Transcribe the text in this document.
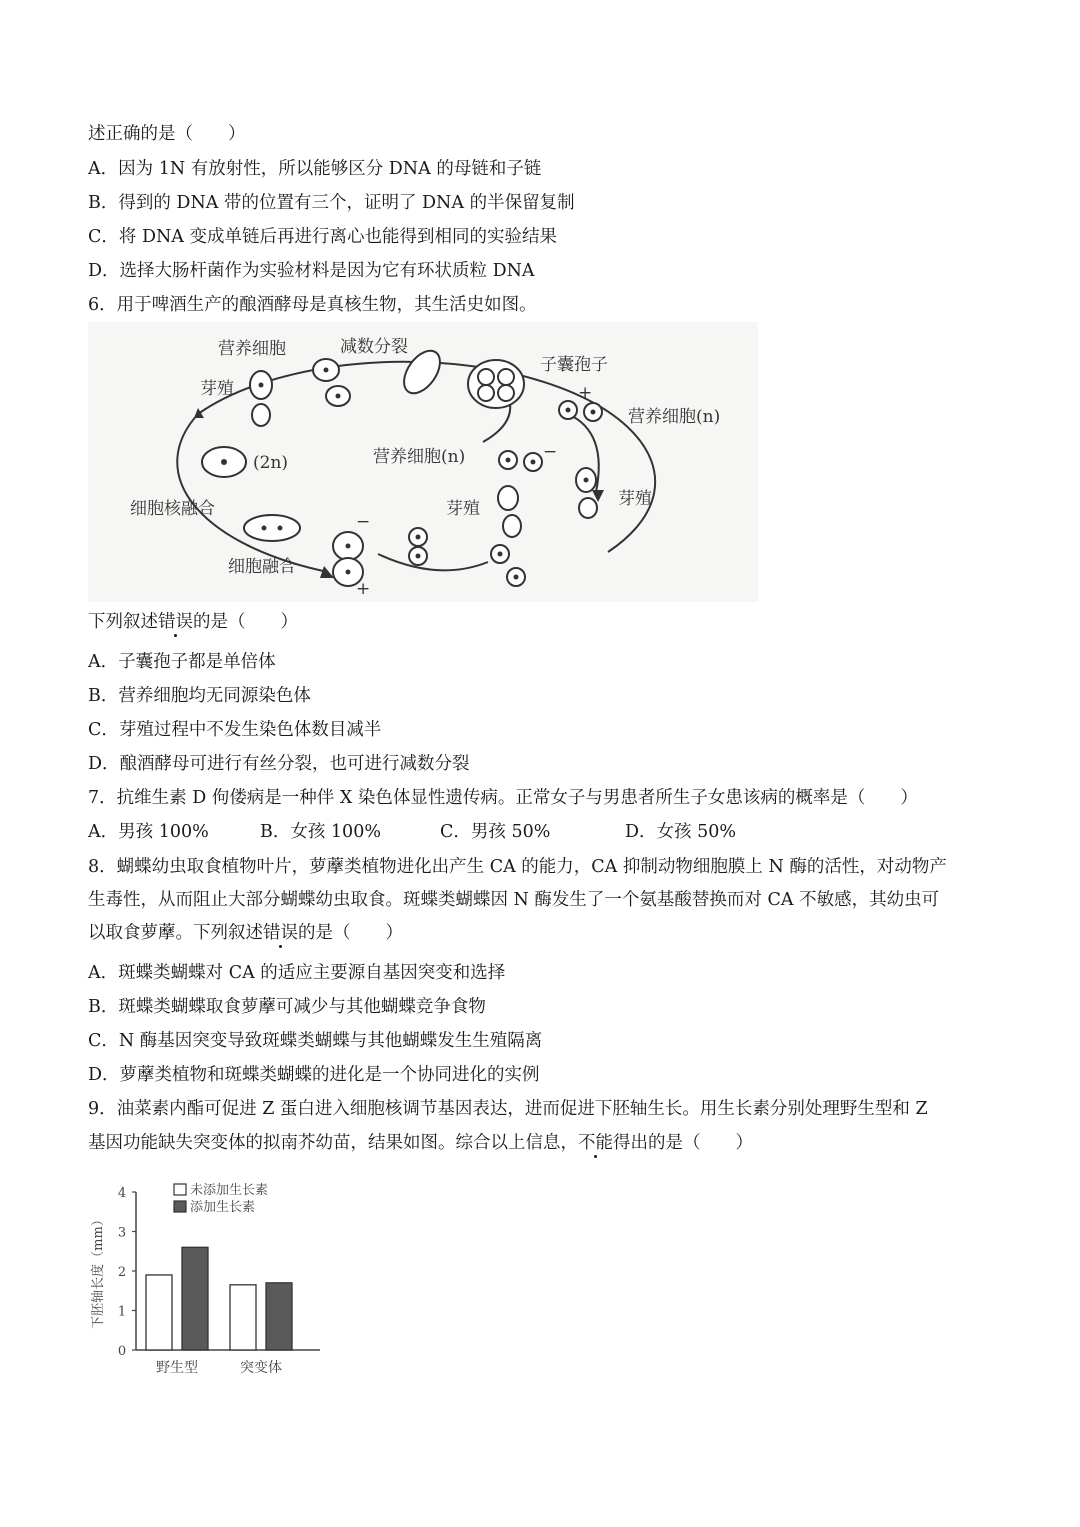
述正确的是（　　）
A．因为 1N 有放射性，所以能够区分 DNA 的母链和子链
B．得到的 DNA 带的位置有三个，证明了 DNA 的半保留复制
C．将 DNA 变成单链后再进行离心也能得到相同的实验结果
D．选择大肠杆菌作为实验材料是因为它有环状质粒 DNA
6．用于啤酒生产的酿酒酵母是真核生物，其生活史如图。
营养细胞	减数分裂
子囊孢子
营养细胞(n)
芽殖
(2n)	营养细胞(n)
芽殖	芽殖
细胞核融合
细胞融合
+
−
−
+
下列叙述错误的是（　　）
A．子囊孢子都是单倍体
B．营养细胞均无同源染色体
C．芽殖过程中不发生染色体数目减半
D．酿酒酵母可进行有丝分裂，也可进行减数分裂
7．抗维生素 D 佝偻病是一种伴 X 染色体显性遗传病。正常女子与男患者所生子女患该病的概率是（　　）
A．男孩 100%	B．女孩 100%	C．男孩 50%	D．女孩 50%
8．蝴蝶幼虫取食植物叶片，萝藦类植物进化出产生 CA 的能力，CA 抑制动物细胞膜上 N 酶的活性，对动物产
生毒性，从而阻止大部分蝴蝶幼虫取食。斑蝶类蝴蝶因 N 酶发生了一个氨基酸替换而对 CA 不敏感，其幼虫可
以取食萝藦。下列叙述错误的是（　　）
A．斑蝶类蝴蝶对 CA 的适应主要源自基因突变和选择
B．斑蝶类蝴蝶取食萝藦可减少与其他蝴蝶竞争食物
C．N 酶基因突变导致斑蝶类蝴蝶与其他蝴蝶发生生殖隔离
D．萝藦类植物和斑蝶类蝴蝶的进化是一个协同进化的实例
9．油菜素内酯可促进 Z 蛋白进入细胞核调节基因表达，进而促进下胚轴生长。用生长素分别处理野生型和 Z
基因功能缺失突变体的拟南芥幼苗，结果如图。综合以上信息，不能得出的是（　　）
0
1
2
3
4
下胚轴长度（mm）
野生型	突变体
未添加生长素
添加生长素
